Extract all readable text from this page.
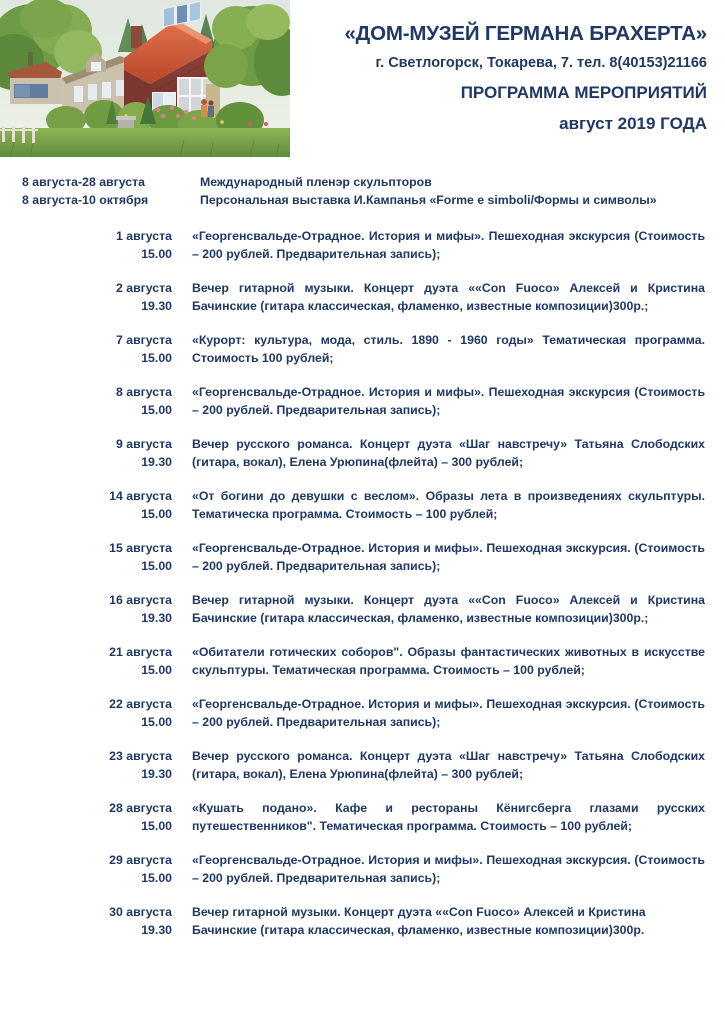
«ДОМ-МУЗЕЙ ГЕРМАНА БРАХЕРТА»

г. Светлогорск, Токарева, 7. тел. 8(40153)21166

ПРОГРАММА МЕРОПРИЯТИЙ

август 2019 ГОДА

8 августа-28 августа	Международный пленэр скульпторов
8 августа-10 октября	Персональная выставка И.Кампанья «Forme e simboli/Формы и символы»
1 августа
15.00
«Георгенсвальде-Отрадное. История и мифы». Пешеходная экскурсия (Стоимость – 200 рублей. Предварительная запись);
2 августа
19.30
Вечер гитарной музыки. Концерт дуэта ««Con Fuoco» Алексей и Кристина Бачинские (гитара классическая, фламенко, известные композиции)300р.;
7 августа
15.00
«Курорт: культура, мода, стиль. 1890 - 1960 годы» Тематическая программа. Стоимость 100 рублей;
8 августа
15.00
«Георгенсвальде-Отрадное. История и мифы». Пешеходная экскурсия (Стоимость – 200 рублей. Предварительная запись);
9 августа
19.30
Вечер русского романса. Концерт дуэта «Шаг навстречу» Татьяна Слободских (гитара, вокал), Елена Урюпина(флейта) – 300 рублей;
14 августа
15.00
«От богини до девушки с веслом». Образы лета в произведениях скульптуры. Тематическа программа. Стоимость – 100 рублей;
15 августа
15.00
«Георгенсвальде-Отрадное. История и мифы». Пешеходная экскурсия. (Стоимость – 200 рублей. Предварительная запись);
16 августа
19.30
Вечер гитарной музыки. Концерт дуэта ««Con Fuoco» Алексей и Кристина Бачинские (гитара классическая, фламенко, известные композиции)300р.;
21 августа
15.00
«Обитатели готических соборов". Образы фантастических животных в искусстве скульптуры. Тематическая программа. Стоимость – 100 рублей;
22 августа
15.00
«Георгенсвальде-Отрадное. История и мифы». Пешеходная экскурсия. (Стоимость – 200 рублей. Предварительная запись);
23 августа
19.30
Вечер русского романса. Концерт дуэта «Шаг навстречу» Татьяна Слободских (гитара, вокал), Елена Урюпина(флейта) – 300 рублей;
28 августа
15.00
«Кушать подано». Кафе и рестораны Кёнигсберга глазами русских путешественников". Тематическая программа. Стоимость – 100 рублей;
29 августа
15.00
«Георгенсвальде-Отрадное. История и мифы». Пешеходная экскурсия. (Стоимость – 200 рублей. Предварительная запись);
30 августа
19.30
Вечер гитарной музыки. Концерт дуэта ««Con Fuoco» Алексей и Кристина Бачинские (гитара классическая, фламенко, известные композиции)300р.
